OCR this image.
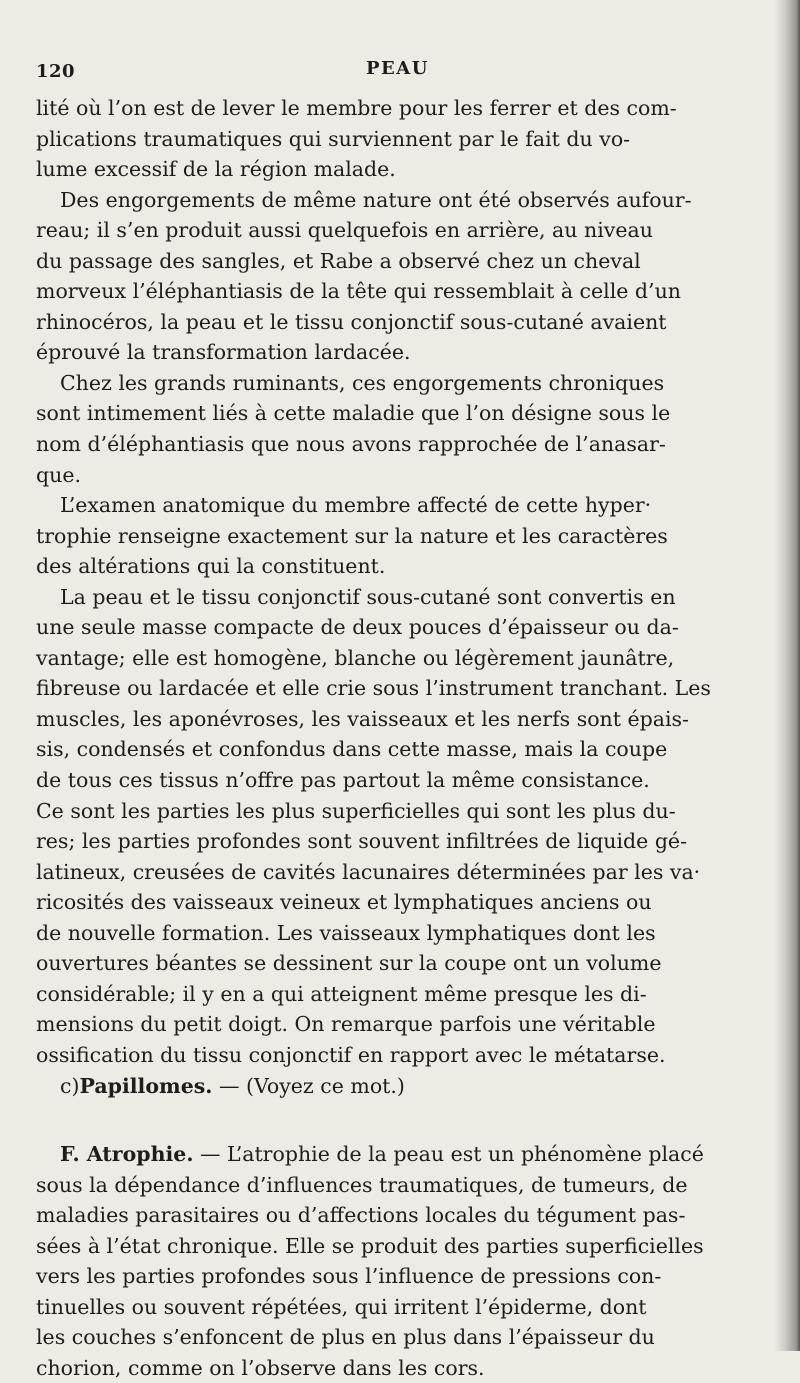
120	PEAU
lité où l’on est de lever le membre pour les ferrer et des com-
plications traumatiques qui surviennent par le fait du vo-
lume excessif de la région malade.
Des engorgements de même nature ont été observés aufour-
reau; il s’en produit aussi quelquefois en arrière, au niveau
du passage des sangles, et Rabe a observé chez un cheval
morveux l’éléphantiasis de la tête qui ressemblait à celle d’un
rhinocéros, la peau et le tissu conjonctif sous-cutané avaient
éprouvé la transformation lardacée.
Chez les grands ruminants, ces engorgements chroniques
sont intimement liés à cette maladie que l’on désigne sous le
nom d’éléphantiasis que nous avons rapprochée de l’anasar-
que.
L’examen anatomique du membre affecté de cette hyper·
trophie renseigne exactement sur la nature et les caractères
des altérations qui la constituent.
La peau et le tissu conjonctif sous-cutané sont convertis en
une seule masse compacte de deux pouces d’épaisseur ou da-
vantage; elle est homogène, blanche ou légèrement jaunâtre,
fibreuse ou lardacée et elle crie sous l’instrument tranchant. Les
muscles, les aponévroses, les vaisseaux et les nerfs sont épais-
sis, condensés et confondus dans cette masse, mais la coupe
de tous ces tissus n’offre pas partout la même consistance.
Ce sont les parties les plus superficielles qui sont les plus du-
res; les parties profondes sont souvent infiltrées de liquide gé-
latineux, creusées de cavités lacunaires déterminées par les va·
ricosités des vaisseaux veineux et lymphatiques anciens ou
de nouvelle formation. Les vaisseaux lymphatiques dont les
ouvertures béantes se dessinent sur la coupe ont un volume
considérable; il y en a qui atteignent même presque les di-
mensions du petit doigt. On remarque parfois une véritable
ossification du tissu conjonctif en rapport avec le métatarse.
c)Papillomes. — (Voyez ce mot.)
F. Atrophie. — L’atrophie de la peau est un phénomène placé
sous la dépendance d’influences traumatiques, de tumeurs, de
maladies parasitaires ou d’affections locales du tégument pas-
sées à l’état chronique. Elle se produit des parties superficielles
vers les parties profondes sous l’influence de pressions con-
tinuelles ou souvent répétées, qui irritent l’épiderme, dont
les couches s’enfoncent de plus en plus dans l’épaisseur du
chorion, comme on l’observe dans les cors.
